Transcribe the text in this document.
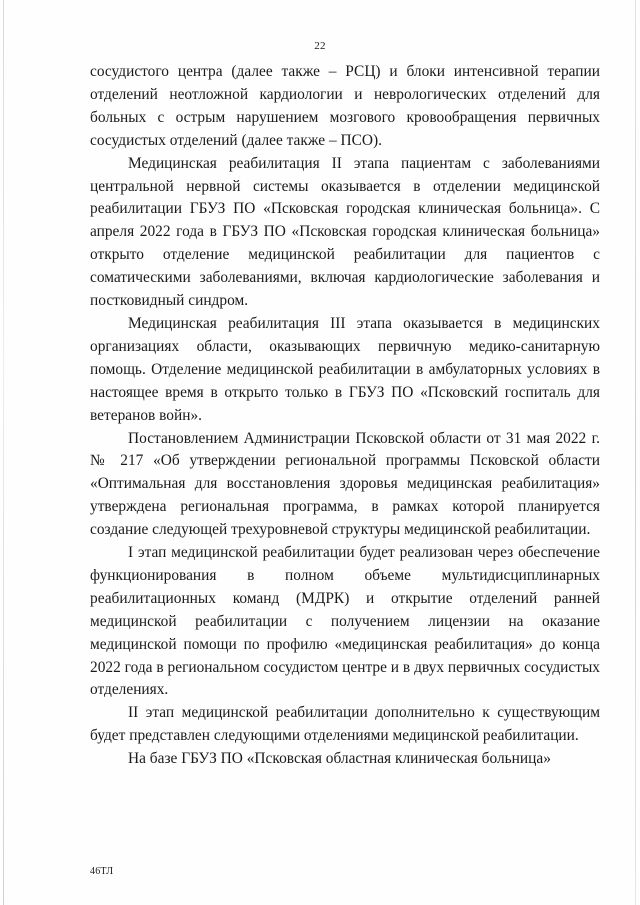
22

сосудистого центра (далее также – РСЦ) и блоки интенсивной терапии отделений неотложной кардиологии и неврологических отделений для больных с острым нарушением мозгового кровообращения первичных сосудистых отделений (далее также – ПСО).

Медицинская реабилитация II этапа пациентам с заболеваниями центральной нервной системы оказывается в отделении медицинской реабилитации ГБУЗ ПО «Псковская городская клиническая больница». С апреля 2022 года в ГБУЗ ПО «Псковская городская клиническая больница» открыто отделение медицинской реабилитации для пациентов с соматическими заболеваниями, включая кардиологические заболевания и постковидный синдром.

Медицинская реабилитация III этапа оказывается в медицинских организациях области, оказывающих первичную медико-санитарную помощь. Отделение медицинской реабилитации в амбулаторных условиях в настоящее время в открыто только в ГБУЗ ПО «Псковский госпиталь для ветеранов войн».

Постановлением Администрации Псковской области от 31 мая 2022 г. № 217 «Об утверждении региональной программы Псковской области «Оптимальная для восстановления здоровья медицинская реабилитация» утверждена региональная программа, в рамках которой планируется создание следующей трехуровневой структуры медицинской реабилитации.

I этап медицинской реабилитации будет реализован через обеспечение функционирования в полном объеме мультидисциплинарных реабилитационных команд (МДРК) и открытие отделений ранней медицинской реабилитации с получением лицензии на оказание медицинской помощи по профилю «медицинская реабилитация» до конца 2022 года в региональном сосудистом центре и в двух первичных сосудистых отделениях.

II этап медицинской реабилитации дополнительно к существующим будет представлен следующими отделениями медицинской реабилитации.

На базе ГБУЗ ПО «Псковская областная клиническая больница»

46ТЛ
